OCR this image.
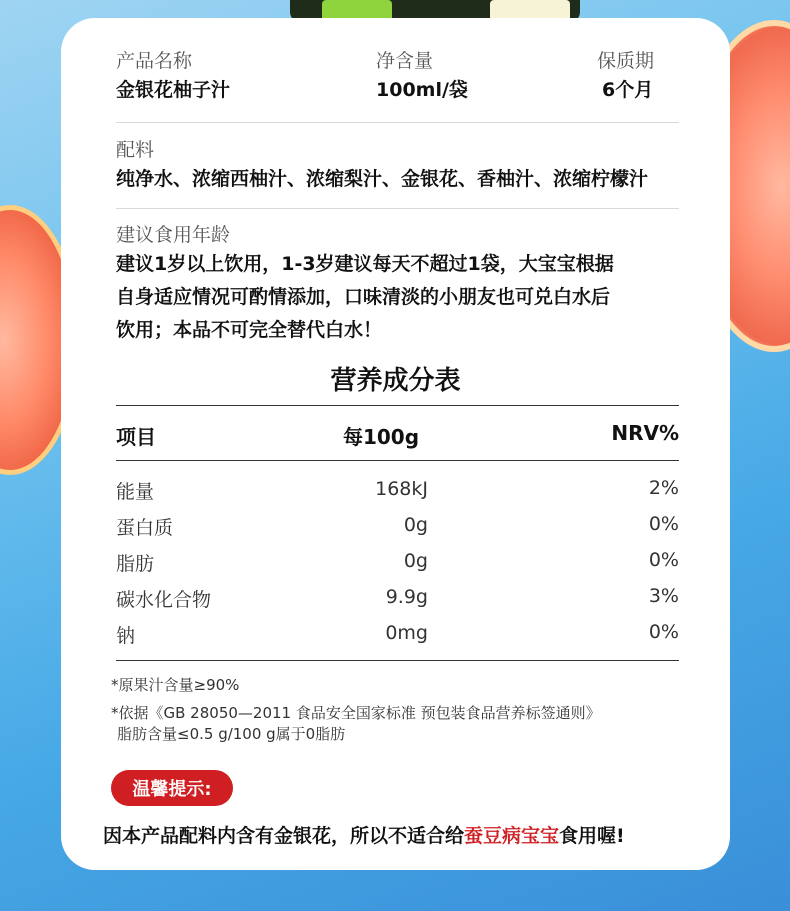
产品名称
金银花柚子汁
净含量
100ml/袋
保质期
6个月
配料
纯净水、浓缩西柚汁、浓缩梨汁、金银花、香柚汁、浓缩柠檬汁
建议食用年龄
建议1岁以上饮用，1-3岁建议每天不超过1袋，大宝宝根据
自身适应情况可酌情添加，口味清淡的小朋友也可兑白水后
饮用；本品不可完全替代白水！
营养成分表
项目	每100g	NRV%
能量	168kJ	2%
蛋白质	0g	0%
脂肪	0g	0%
碳水化合物	9.9g	3%
钠	0mg	0%
*原果汁含量≥90%
*依据《GB 28050—2011 食品安全国家标准 预包装食品营养标签通则》
脂肪含量≤0.5 g/100 g属于0脂肪
温馨提示:
因本产品配料内含有金银花，所以不适合给蚕豆病宝宝食用喔!
